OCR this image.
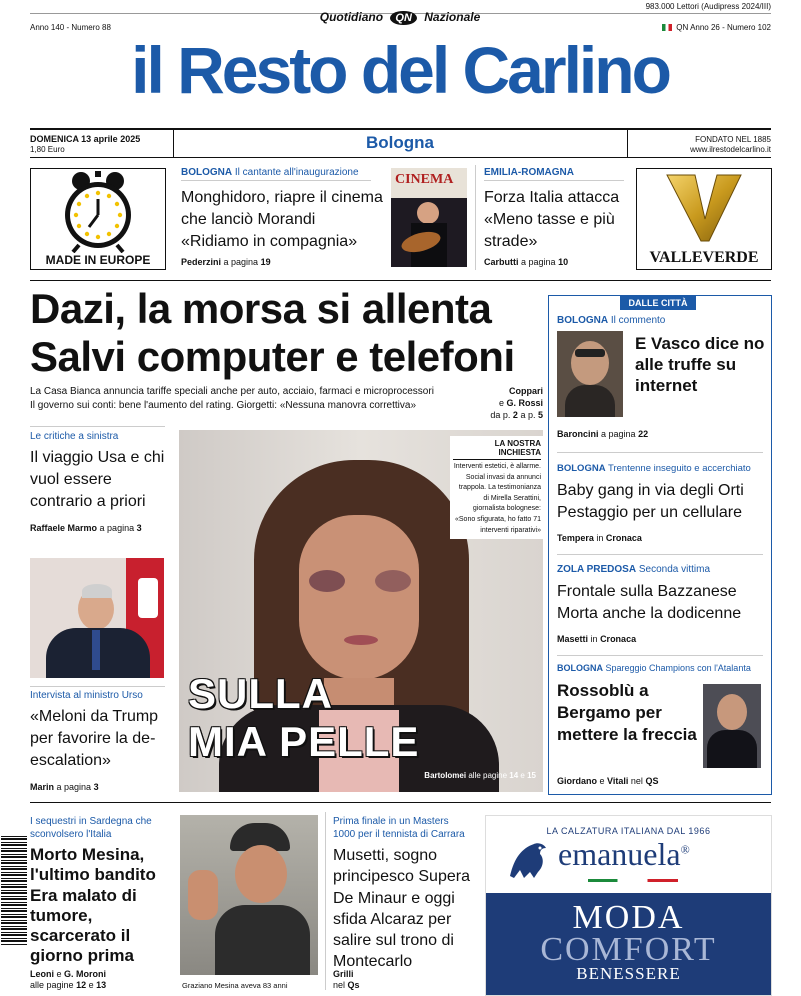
983.000 Lettori (Audipress 2024/III)
Anno 140 - Numero 88
Quotidiano QN Nazionale
QN Anno 26 - Numero 102
il Resto del Carlino
DOMENICA 13 aprile 2025
1,80 Euro	Bologna	FONDATO NEL 1885
www.ilrestodelcarlino.it
MADE IN EUROPE
BOLOGNA Il cantante all'inaugurazione
Monghidoro, riapre il cinema che lanciò Morandi «Ridiamo in compagnia»
Pederzini a pagina 19
CINEMA	EMILIA-ROMAGNA
Forza Italia attacca «Meno tasse e più strade»
Carbutti a pagina 10	VALLEVERDE
Dazi, la morsa si allenta
Salvi computer e telefoni
La Casa Bianca annuncia tariffe speciali anche per auto, acciaio, farmaci e microprocessori
Il governo sui conti: bene l'aumento del rating. Giorgetti: «Nessuna manovra correttiva»
Coppari
e G. Rossi
da p. 2 a p. 5
Le critiche a sinistra
Il viaggio Usa e chi vuol essere contrario a priori
Raffaele Marmo a pagina 3
Intervista al ministro Urso
«Meloni da Trump per favorire la de-escalation»
Marin a pagina 3
LA NOSTRA INCHIESTA
Interventi estetici, è allarme. Social invasi da annunci trappola. La testimonianza di Mirella Serattini, giornalista bolognese: «Sono sfigurata, ho fatto 71 interventi riparativi»
SULLA
MIA PELLE
Bartolomei alle pagine 14 e 15
DALLE CITTÀ
BOLOGNA Il commento
E Vasco dice no alle truffe su internet
Baroncini a pagina 22
BOLOGNA Trentenne inseguito e accerchiato
Baby gang in via degli Orti Pestaggio per un cellulare
Tempera in Cronaca
ZOLA PREDOSA Seconda vittima
Frontale sulla Bazzanese Morta anche la dodicenne
Masetti in Cronaca
BOLOGNA Spareggio Champions con l'Atalanta
Rossoblù a Bergamo per mettere la freccia
Giordano e Vitali nel QS
I sequestri in Sardegna che sconvolsero l'Italia
Morto Mesina, l'ultimo bandito Era malato di tumore, scarcerato il giorno prima
Leoni e G. Moroni
alle pagine 12 e 13	Graziano Mesina aveva 83 anni
Prima finale in un Masters 1000 per il tennista di Carrara
Musetti, sogno principesco Supera De Minaur e oggi sfida Alcaraz per salire sul trono di Montecarlo
Grilli
nel Qs
LA CALZATURA ITALIANA DAL 1966
emanuela®
MODA
COMFORT
BENESSERE
